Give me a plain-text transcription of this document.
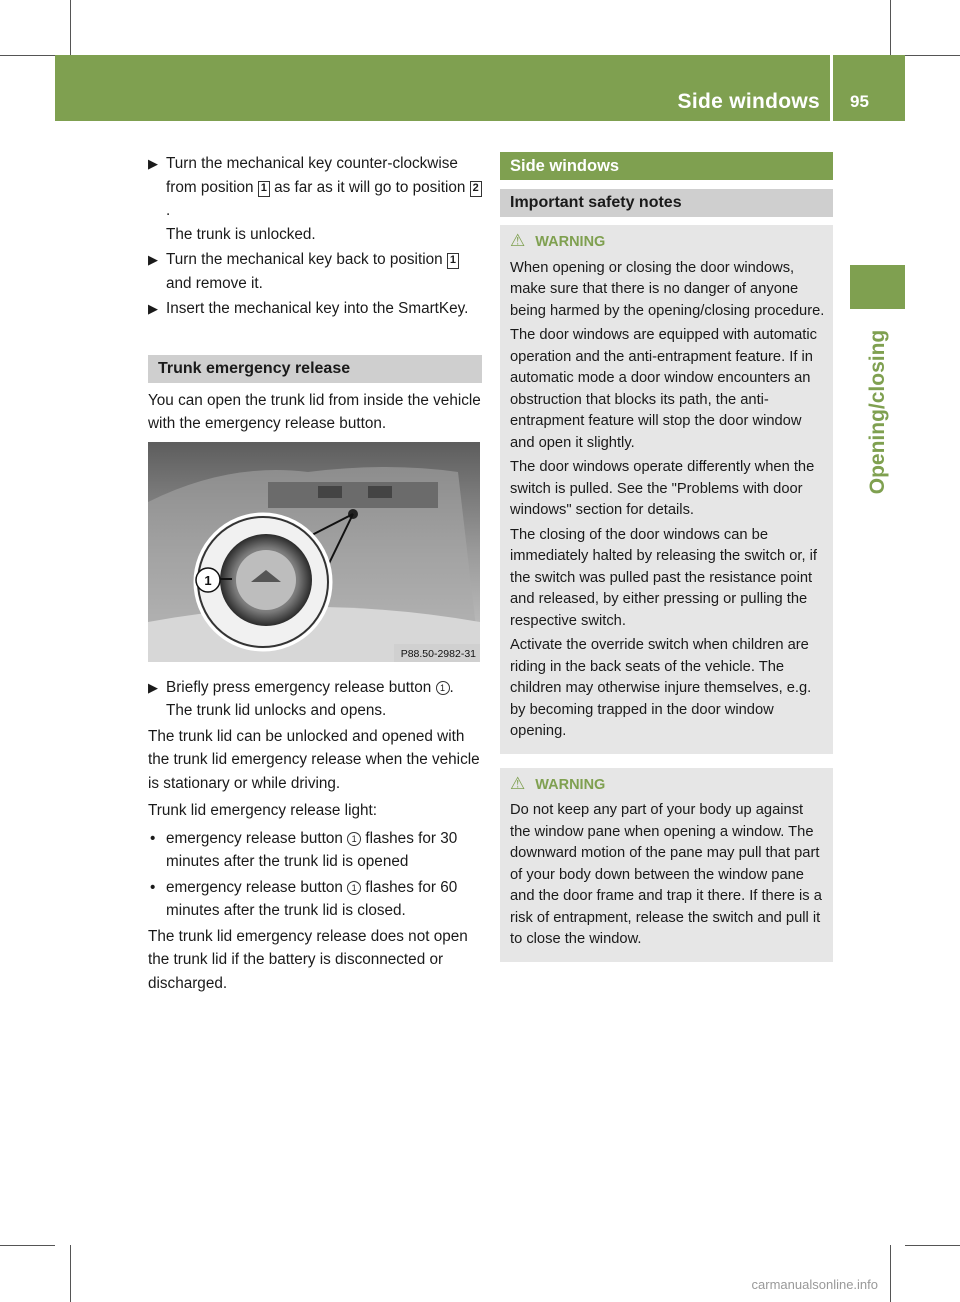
Side windows 95
Opening/closing
▶ Turn the mechanical key counter-clockwise from position 1 as far as it will go to position 2.
The trunk is unlocked.
▶ Turn the mechanical key back to position 1 and remove it.
▶ Insert the mechanical key into the SmartKey.
Trunk emergency release

You can open the trunk lid from inside the vehicle with the emergency release button.

1
P88.50-2982-31
▶ Briefly press emergency release button 1 .
The trunk lid unlocks and opens.

The trunk lid can be unlocked and opened with the trunk lid emergency release when the vehicle is stationary or while driving.

Trunk lid emergency release light:

• emergency release button 1 flashes for 30 minutes after the trunk lid is opened
• emergency release button 1 flashes for 60 minutes after the trunk lid is closed.

The trunk lid emergency release does not open the trunk lid if the battery is disconnected or discharged.

Side windows
Important safety notes
⚠ WARNING

When opening or closing the door windows, make sure that there is no danger of anyone being harmed by the opening/closing procedure.

The door windows are equipped with automatic operation and the anti-entrapment feature. If in automatic mode a door window encounters an obstruction that blocks its path, the anti-entrapment feature will stop the door window and open it slightly.

The door windows operate differently when the switch is pulled. See the "Problems with door windows" section for details.

The closing of the door windows can be immediately halted by releasing the switch or, if the switch was pulled past the resistance point and released, by either pressing or pulling the respective switch.

Activate the override switch when children are riding in the back seats of the vehicle. The children may otherwise injure themselves, e.g. by becoming trapped in the door window opening.

⚠ WARNING

Do not keep any part of your body up against the window pane when opening a window. The downward motion of the pane may pull that part of your body down between the window pane and the door frame and trap it there. If there is a risk of entrapment, release the switch and pull it to close the window.

carmanualsonline.info
